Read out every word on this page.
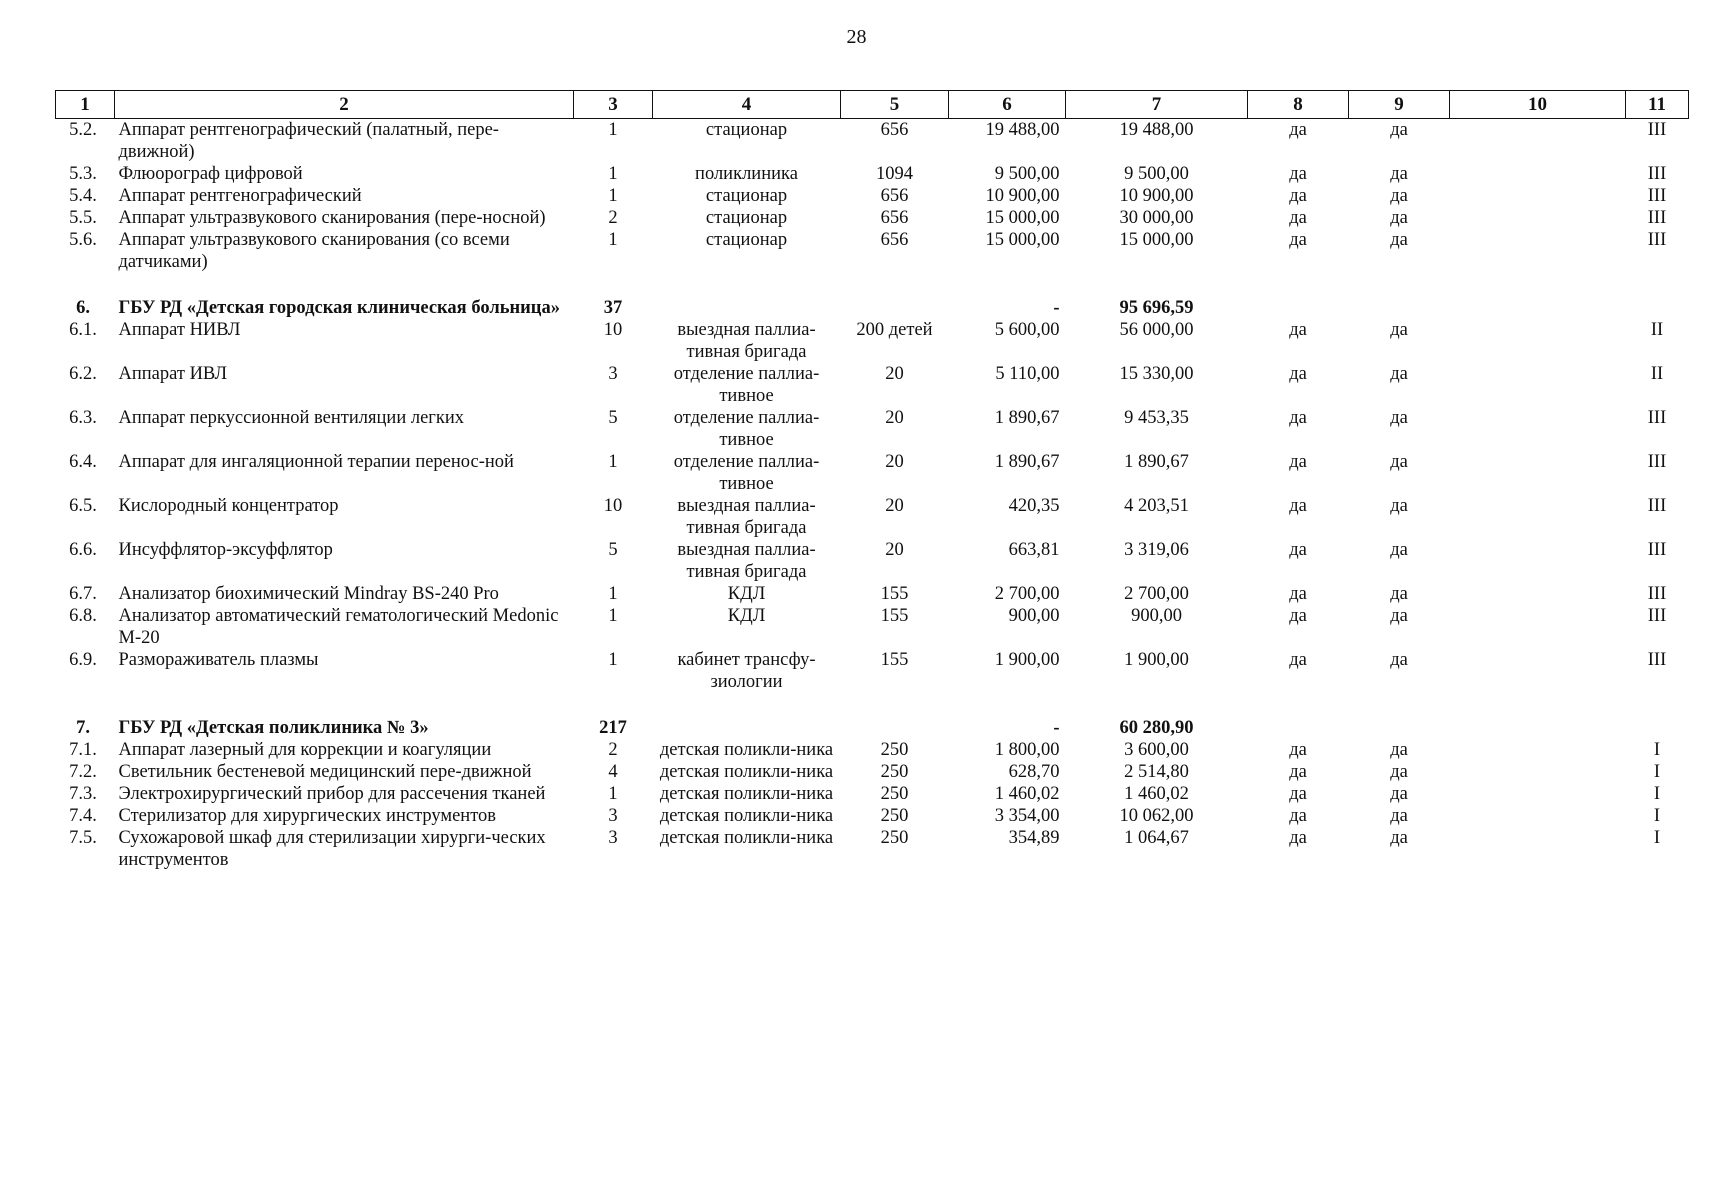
28
1	2	3	4	5	6	7	8	9	10	11
5.2.	Аппарат рентгенографический (палатный, пере-движной)	1	стационар	656	19 488,00	19 488,00	да	да		III
5.3.	Флюорограф цифровой	1	поликлиника	1094	9 500,00	9 500,00	да	да		III
5.4.	Аппарат рентгенографический	1	стационар	656	10 900,00	10 900,00	да	да		III
5.5.	Аппарат ультразвукового сканирования (пере-носной)	2	стационар	656	15 000,00	30 000,00	да	да		III
5.6.	Аппарат ультразвукового сканирования (со всеми датчиками)	1	стационар	656	15 000,00	15 000,00	да	да		III
6.	ГБУ РД «Детская городская клиническая больница»	37			-	95 696,59				
6.1.	Аппарат НИВЛ	10	выездная паллиа-тивная бригада	200 детей	5 600,00	56 000,00	да	да		II
6.2.	Аппарат ИВЛ	3	отделение паллиа-тивное	20	5 110,00	15 330,00	да	да		II
6.3.	Аппарат перкуссионной вентиляции легких	5	отделение паллиа-тивное	20	1 890,67	9 453,35	да	да		III
6.4.	Аппарат для ингаляционной терапии перенос-ной	1	отделение паллиа-тивное	20	1 890,67	1 890,67	да	да		III
6.5.	Кислородный концентратор	10	выездная паллиа-тивная бригада	20	420,35	4 203,51	да	да		III
6.6.	Инсуффлятор-эксуффлятор	5	выездная паллиа-тивная бригада	20	663,81	3 319,06	да	да		III
6.7.	Анализатор биохимический Mindray BS-240 Pro	1	КДЛ	155	2 700,00	2 700,00	да	да		III
6.8.	Анализатор автоматический гематологический Medonic M-20	1	КДЛ	155	900,00	900,00	да	да		III
6.9.	Размораживатель плазмы	1	кабинет трансфу-зиологии	155	1 900,00	1 900,00	да	да		III
7.	ГБУ РД «Детская поликлиника № 3»	217			-	60 280,90				
7.1.	Аппарат лазерный для коррекции и коагуляции	2	детская поликли-ника	250	1 800,00	3 600,00	да	да		I
7.2.	Светильник бестеневой медицинский пере-движной	4	детская поликли-ника	250	628,70	2 514,80	да	да		I
7.3.	Электрохирургический прибор для рассечения тканей	1	детская поликли-ника	250	1 460,02	1 460,02	да	да		I
7.4.	Стерилизатор для хирургических инструментов	3	детская поликли-ника	250	3 354,00	10 062,00	да	да		I
7.5.	Сухожаровой шкаф для стерилизации хирурги-ческих инструментов	3	детская поликли-ника	250	354,89	1 064,67	да	да		I
